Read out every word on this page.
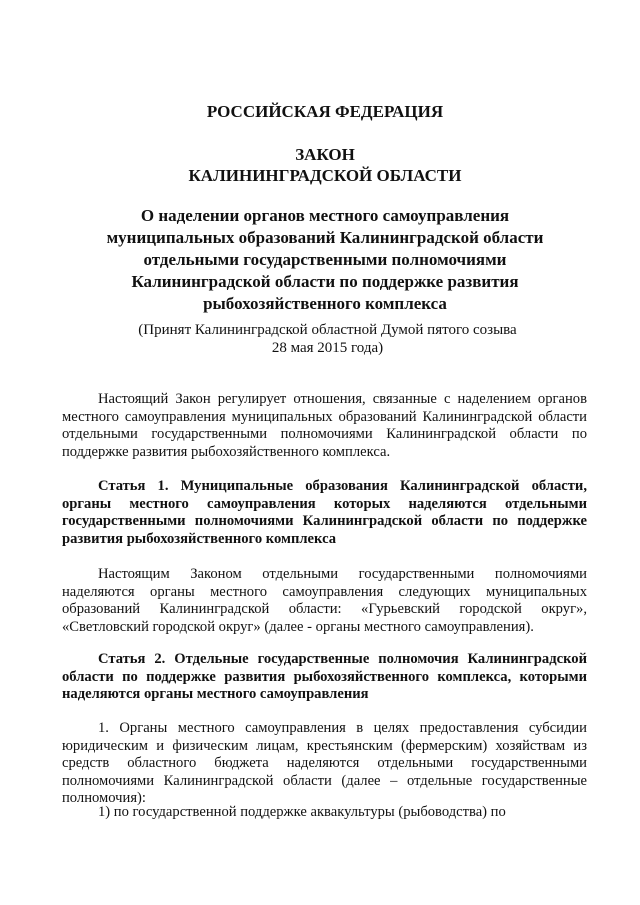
РОССИЙСКАЯ ФЕДЕРАЦИЯ
ЗАКОН
КАЛИНИНГРАДСКОЙ ОБЛАСТИ
О наделении органов местного самоуправления
муниципальных образований Калининградской области
отдельными государственными полномочиями
Калининградской области по поддержке развития
рыбохозяйственного комплекса
(Принят Калининградской областной Думой пятого созыва
28 мая 2015 года)

Настоящий Закон регулирует отношения, связанные с наделением органов местного самоуправления муниципальных образований Калининградской области отдельными государственными полномочиями Калининградской области по поддержке развития рыбохозяйственного комплекса.

Статья 1. Муниципальные образования Калининградской области, органы местного самоуправления которых наделяются отдельными государственными полномочиями Калининградской области по поддержке развития рыбохозяйственного комплекса

Настоящим Законом отдельными государственными полномочиями наделяются органы местного самоуправления следующих муниципальных образований Калининградской области: «Гурьевский городской округ», «Светловский городской округ» (далее - органы местного самоуправления).

Статья 2. Отдельные государственные полномочия Калининградской области по поддержке развития рыбохозяйственного комплекса, которыми наделяются органы местного самоуправления

1. Органы местного самоуправления в целях предоставления субсидии юридическим и физическим лицам, крестьянским (фермерским) хозяйствам из средств областного бюджета наделяются отдельными государственными полномочиями Калининградской области (далее – отдельные государственные полномочия):

1) по государственной поддержке аквакультуры (рыбоводства) по
